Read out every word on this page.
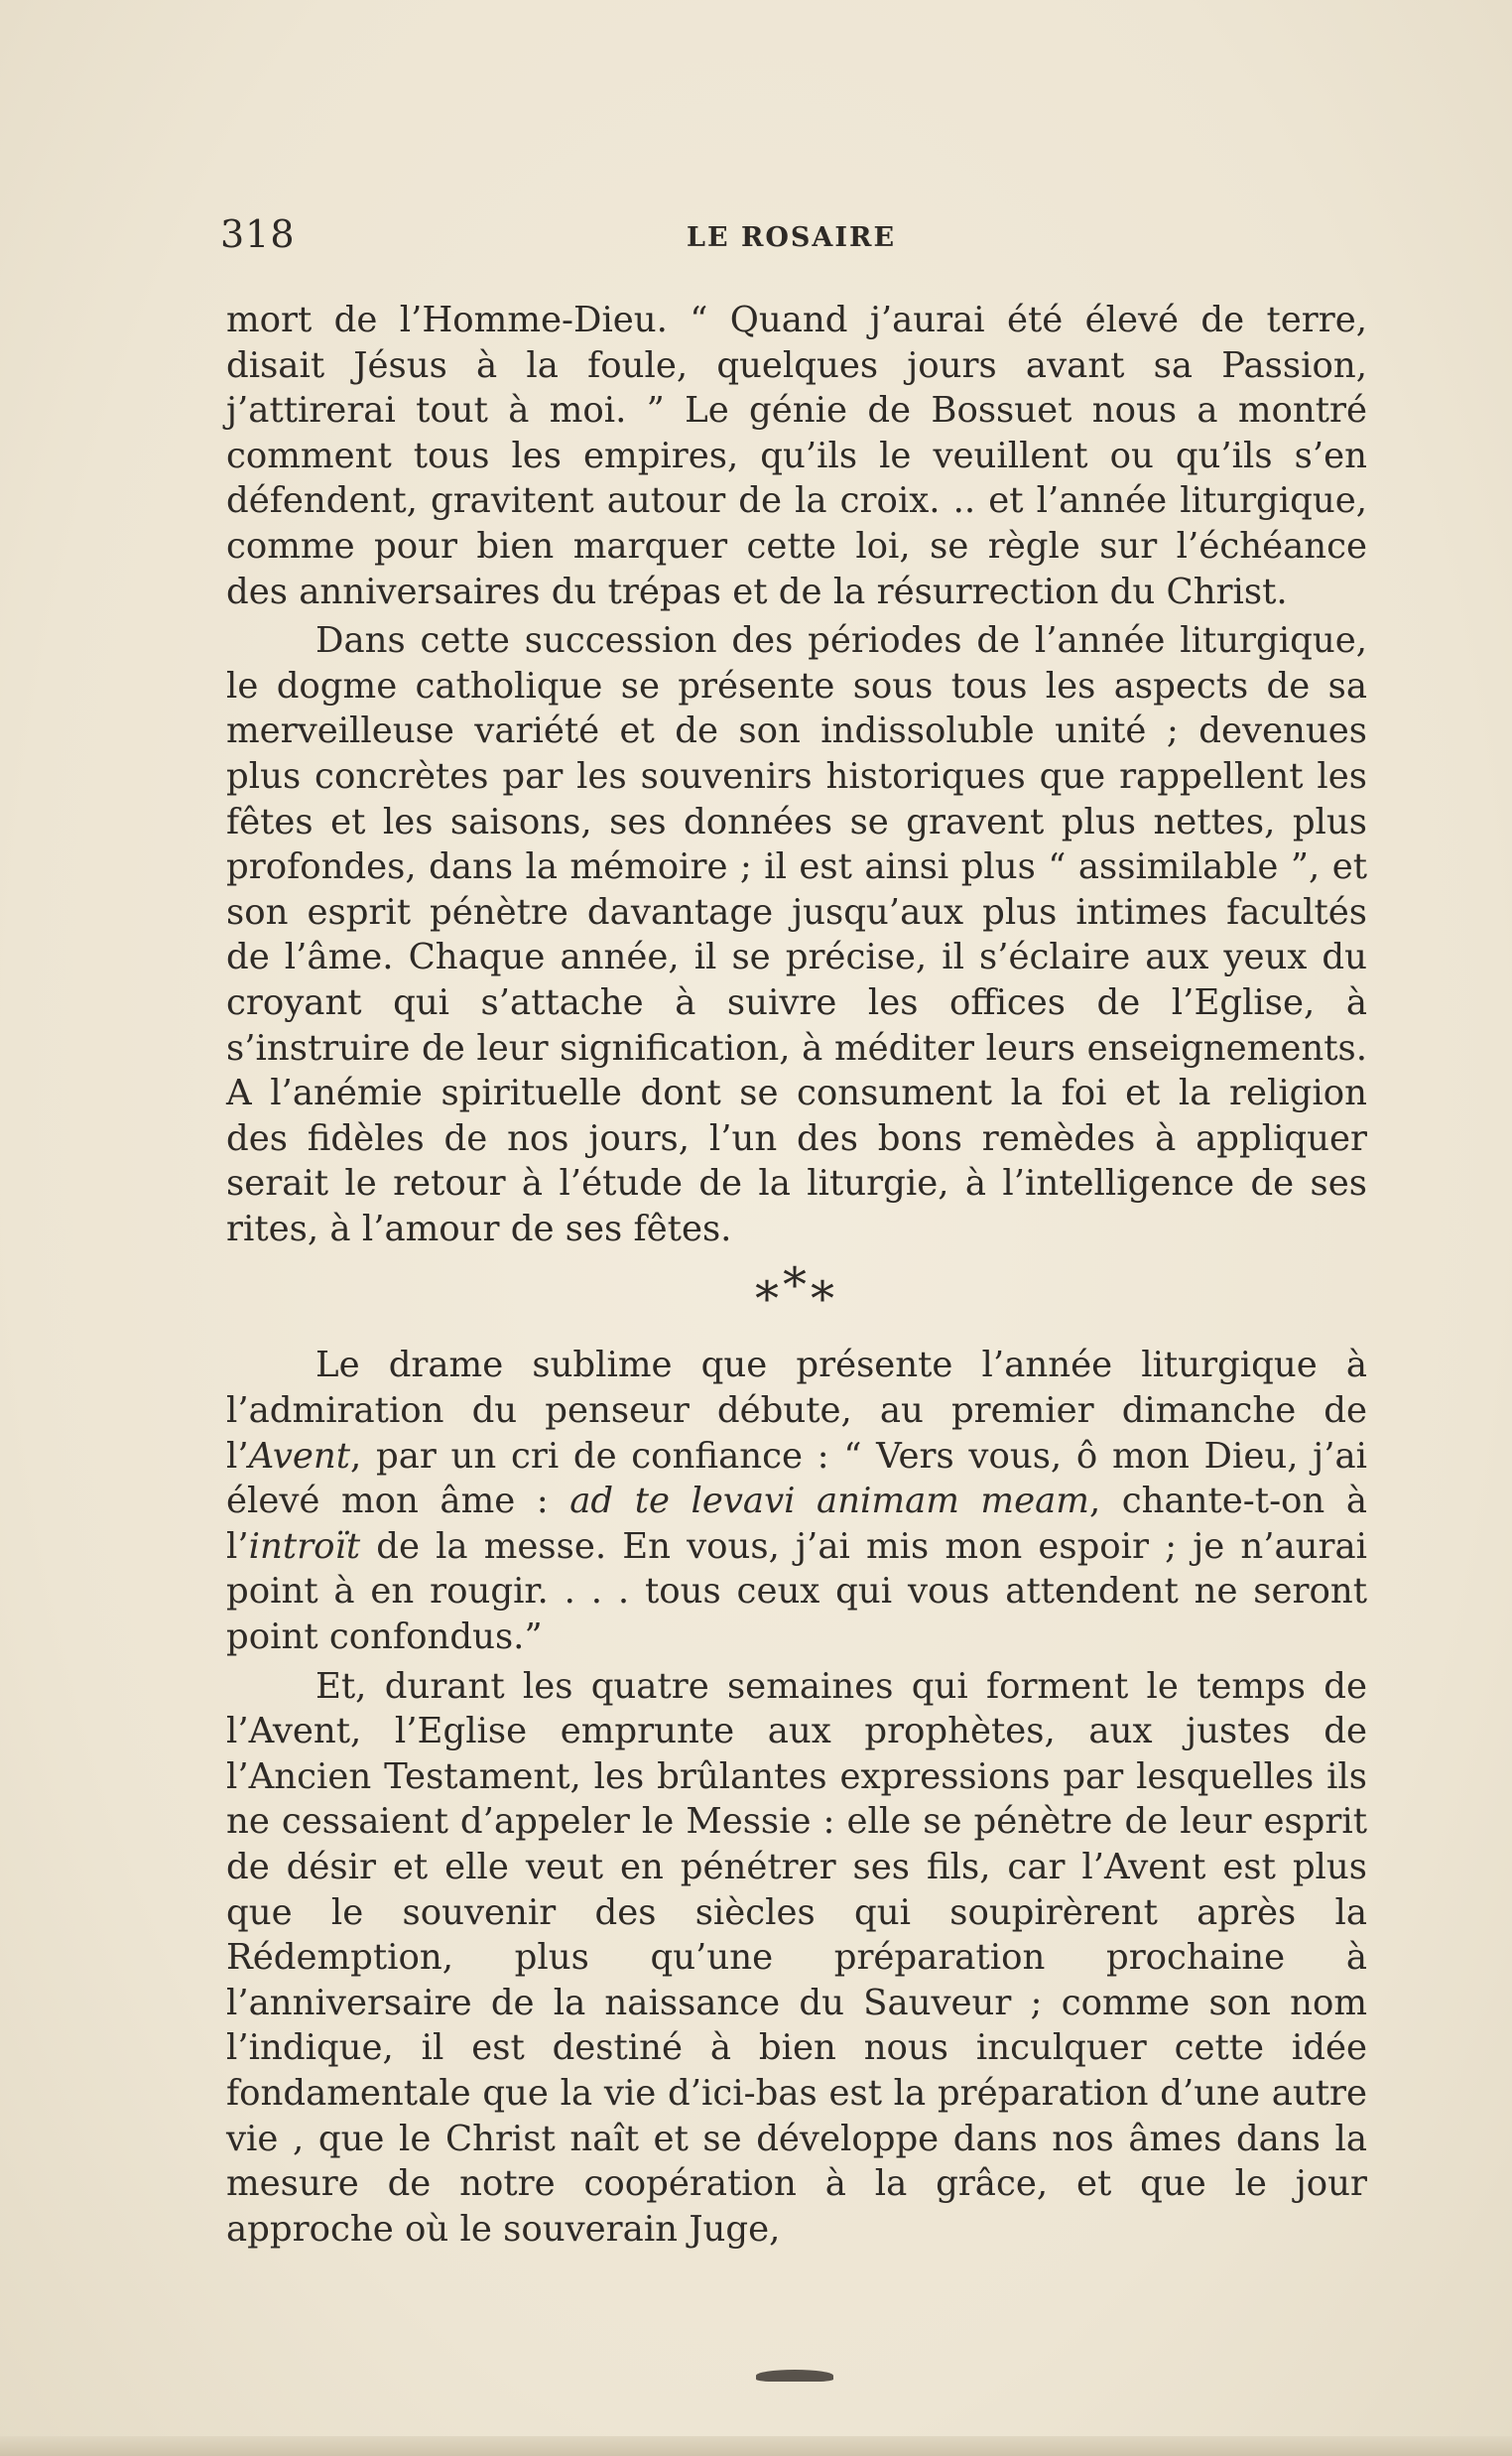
318	LE ROSAIRE

mort de l’Homme-Dieu. “ Quand j’aurai été élevé de terre, disait Jésus à la foule, quelques jours avant sa Passion, j’attirerai tout à moi. ” Le génie de Bossuet nous a montré comment tous les empires, qu’ils le veuillent ou qu’ils s’en défendent, gravitent autour de la croix. .. et l’année liturgique, comme pour bien marquer cette loi, se règle sur l’échéance des anniversaires du trépas et de la résurrection du Christ.

Dans cette succession des périodes de l’année liturgique, le dogme catholique se présente sous tous les aspects de sa merveilleuse variété et de son indissoluble unité ; devenues plus concrètes par les souvenirs historiques que rappellent les fêtes et les saisons, ses données se gravent plus nettes, plus profondes, dans la mémoire ; il est ainsi plus “ assimilable ”, et son esprit pénètre davantage jusqu’aux plus intimes facultés de l’âme. Chaque année, il se précise, il s’éclaire aux yeux du croyant qui s’attache à suivre les offices de l’Eglise, à s’instruire de leur signification, à méditer leurs enseignements. A l’anémie spirituelle dont se consument la foi et la religion des fidèles de nos jours, l’un des bons remèdes à appliquer serait le retour à l’étude de la liturgie, à l’intelligence de ses rites, à l’amour de ses fêtes.

***

Le drame sublime que présente l’année liturgique à l’admiration du penseur débute, au premier dimanche de l’Avent, par un cri de confiance : “ Vers vous, ô mon Dieu, j’ai élevé mon âme : ad te levavi animam meam, chante-t-on à l’introït de la messe. En vous, j’ai mis mon espoir ; je n’aurai point à en rougir. . . . tous ceux qui vous attendent ne seront point confondus.”

Et, durant les quatre semaines qui forment le temps de l’Avent, l’Eglise emprunte aux prophètes, aux justes de l’Ancien Testament, les brûlantes expressions par lesquelles ils ne cessaient d’appeler le Messie : elle se pénètre de leur esprit de désir et elle veut en pénétrer ses fils, car l’Avent est plus que le souvenir des siècles qui soupirèrent après la Rédemption, plus qu’une préparation prochaine à l’anniversaire de la naissance du Sauveur ; comme son nom l’indique, il est destiné à bien nous inculquer cette idée fondamentale que la vie d’ici-bas est la préparation d’une autre vie , que le Christ naît et se développe dans nos âmes dans la mesure de notre coopération à la grâce, et que le jour approche où le souverain Juge,
